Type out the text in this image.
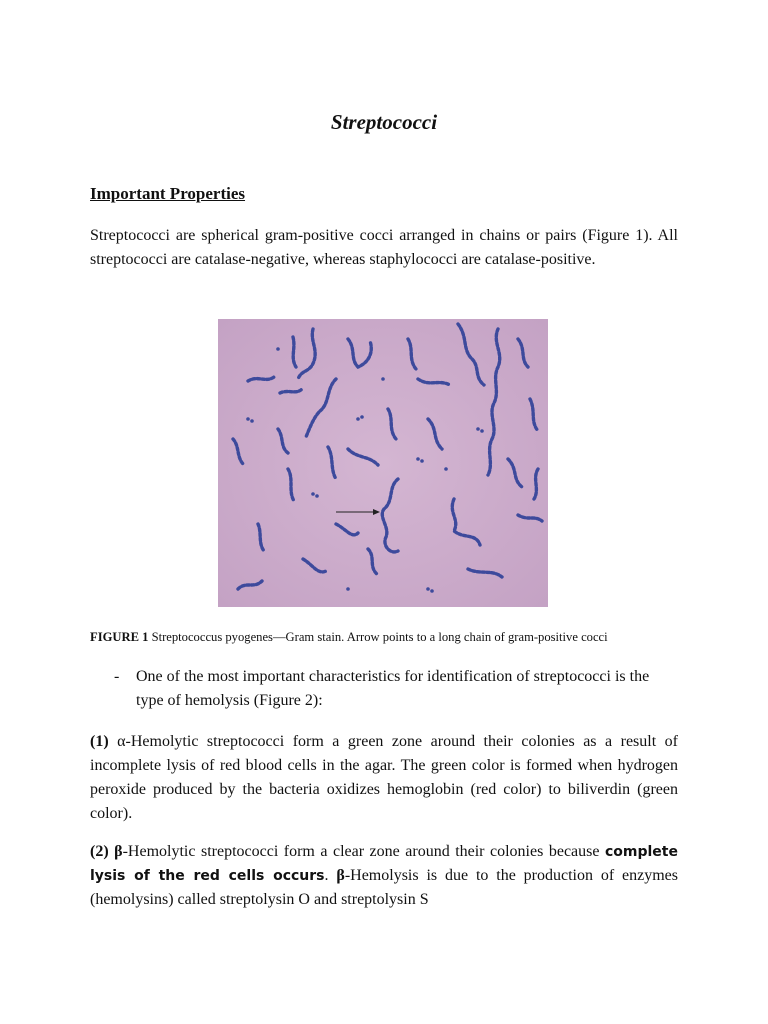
Streptococci
Important Properties
Streptococci are spherical gram-positive cocci arranged in chains or pairs (Figure 1). All streptococci are catalase-negative, whereas staphylococci are catalase-positive.
FIGURE 1 Streptococcus pyogenes—Gram stain. Arrow points to a long chain of gram-positive cocci
- One of the most important characteristics for identification of streptococci is the type of hemolysis (Figure 2):
(1) α-Hemolytic streptococci form a green zone around their colonies as a result of incomplete lysis of red blood cells in the agar. The green color is formed when hydrogen peroxide produced by the bacteria oxidizes hemoglobin (red color) to biliverdin (green color).
(2) β-Hemolytic streptococci form a clear zone around their colonies because complete lysis of the red cells occurs. β-Hemolysis is due to the production of enzymes (hemolysins) called streptolysin O and streptolysin S
